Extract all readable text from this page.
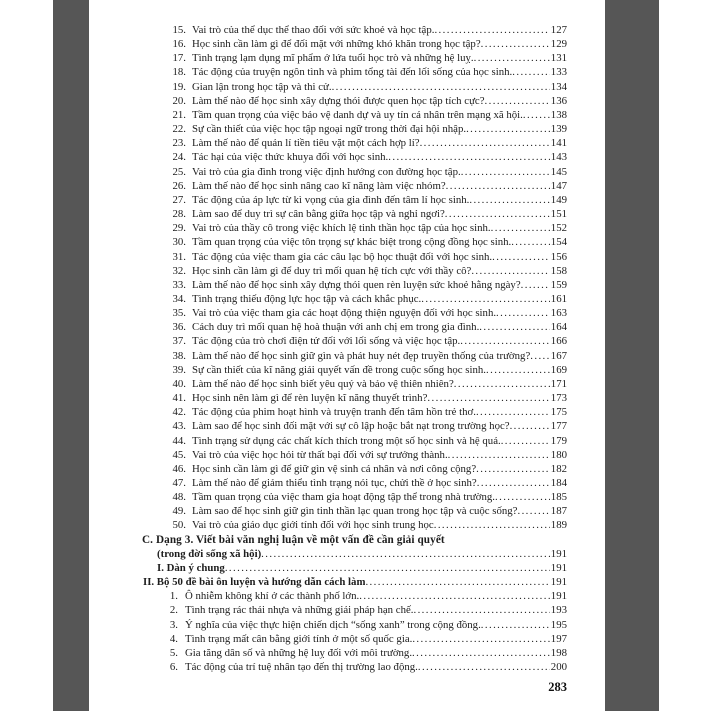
15. Vai trò của thể dục thể thao đối với sức khoẻ và học tập. .....	127
16. Học sinh cần làm gì để đối mặt với những khó khăn trong học tập? .....	129
17. Tình trạng lạm dụng mĩ phẩm ở lứa tuổi học trò và những hệ luỵ. .....	131
18. Tác động của truyện ngôn tình và phim tổng tài đến lối sống của học sinh. .....	133
19. Gian lận trong học tập và thi cử. .....	134
20. Làm thế nào để học sinh xây dựng thói được quen học tập tích cực? .....	136
21. Tầm quan trọng của việc bảo vệ danh dự và uy tín cá nhân trên mạng xã hội. .....	138
22. Sự cần thiết của việc học tập ngoại ngữ trong thời đại hội nhập. .....	139
23. Làm thế nào để quản lí tiền tiêu vặt một cách hợp lí? .....	141
24. Tác hại của việc thức khuya đối với học sinh. .....	143
25. Vai trò của gia đình trong việc định hướng con đường học tập. .....	145
26. Làm thế nào để học sinh nâng cao kĩ năng làm việc nhóm? .....	147
27. Tác động của áp lực từ kì vọng của gia đình đến tâm lí học sinh. .....	149
28. Làm sao để duy trì sự cân bằng giữa học tập và nghỉ ngơi? .....	151
29. Vai trò của thầy cô trong việc khích lệ tinh thần học tập của học sinh. .....	152
30. Tầm quan trọng của việc tôn trọng sự khác biệt trong cộng đồng học sinh. .....	154
31. Tác động của việc tham gia các câu lạc bộ học thuật đối với học sinh. .....	156
32. Học sinh cần làm gì để duy trì mối quan hệ tích cực với thầy cô? .....	158
33. Làm thế nào để học sinh xây dựng thói quen rèn luyện sức khoẻ hằng ngày? .....	159
34. Tình trạng thiếu động lực học tập và cách khắc phục. .....	161
35. Vai trò của việc tham gia các hoạt động thiện nguyện đối với học sinh. .....	163
36. Cách duy trì mối quan hệ hoà thuận với anh chị em trong gia đình. .....	164
37. Tác động của trò chơi điện tử đối với lối sống và việc học tập. .....	166
38. Làm thế nào để học sinh giữ gìn và phát huy nét đẹp truyền thống của trường? ..... 167
39. Sự cần thiết của kĩ năng giải quyết vấn đề trong cuộc sống học sinh. .....	169
40. Làm thế nào để học sinh biết yêu quý và bảo vệ thiên nhiên? .....	171
41. Học sinh nên làm gì để rèn luyện kĩ năng thuyết trình? .....	173
42. Tác động của phim hoạt hình và truyện tranh đến tâm hồn trẻ thơ. .....	175
43. Làm sao để học sinh đối mặt với sự cô lập hoặc bắt nạt trong trường học? .....	177
44. Tình trạng sử dụng các chất kích thích trong một số học sinh và hệ quả. .....	179
45. Vai trò của việc học hỏi từ thất bại đối với sự trưởng thành. .....	180
46. Học sinh cần làm gì để giữ gìn vệ sinh cá nhân và nơi công cộng? .....	182
47. Làm thế nào để giảm thiểu tình trạng nói tục, chửi thề ở học sinh? .....	184
48. Tầm quan trọng của việc tham gia hoạt động tập thể trong nhà trường. .....	185
49. Làm sao để học sinh giữ gìn tinh thần lạc quan trong học tập và cuộc sống? .....	187
50. Vai trò của giáo dục giới tính đối với học sinh trung học .....	189
C. Dạng 3. Viết bài văn nghị luận về một vấn đề cần giải quyết
(trong đời sống xã hội) .....	191
I. Dàn ý chung .....	191
II. Bộ 50 đề bài ôn luyện và hướng dẫn cách làm .....	191
1. Ô nhiễm không khí ở các thành phố lớn. .....	191
2. Tình trạng rác thải nhựa và những giải pháp hạn chế. .....	193
3. Ý nghĩa của việc thực hiện chiến dịch “sống xanh” trong cộng đồng. .....	195
4. Tình trạng mất cân bằng giới tính ở một số quốc gia. .....	197
5. Gia tăng dân số và những hệ luỵ đối với môi trường. .....	198
6. Tác động của trí tuệ nhân tạo đến thị trường lao động. .....	200
283
